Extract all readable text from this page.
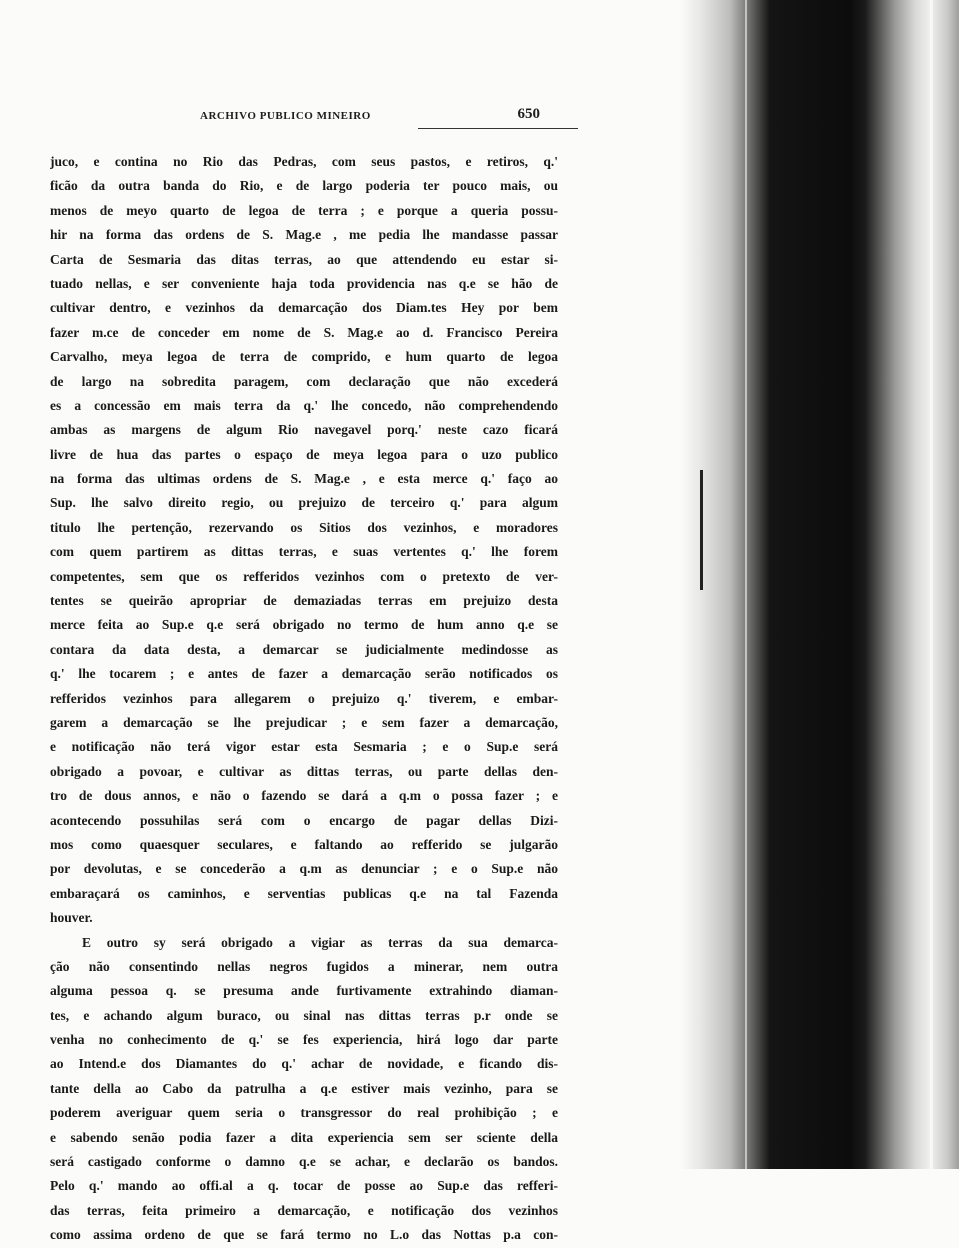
ARCHIVO PUBLICO MINEIRO	650
juco, e contina no Rio das Pedras, com seus pastos, e retiros, q.'
ficão da outra banda do Rio, e de largo poderia ter pouco mais, ou
menos de meyo quarto de legoa de terra ; e porque a queria possu-
hir na forma das ordens de S. Mag.e , me pedia lhe mandasse passar
Carta de Sesmaria das ditas terras, ao que attendendo eu estar si-
tuado nellas, e ser conveniente haja toda providencia nas q.e se hão de
cultivar dentro, e vezinhos da demarcação dos Diam.tes Hey por bem
fazer m.ce de conceder em nome de S. Mag.e ao d. Francisco Pereira
Carvalho, meya legoa de terra de comprido, e hum quarto de legoa
de largo na sobredita paragem, com declaração que não excederá
es a concessão em mais terra da q.' lhe concedo, não comprehendendo
ambas as margens de algum Rio navegavel porq.' neste cazo ficará
livre de hua das partes o espaço de meya legoa para o uzo publico
na forma das ultimas ordens de S. Mag.e , e esta merce q.' faço ao
Sup. lhe salvo direito regio, ou prejuizo de terceiro q.' para algum
titulo lhe pertenção, rezervando os Sitios dos vezinhos, e moradores
com quem partirem as dittas terras, e suas vertentes q.' lhe forem
competentes, sem que os refferidos vezinhos com o pretexto de ver-
tentes se queirão apropriar de demaziadas terras em prejuizo desta
merce feita ao Sup.e q.e será obrigado no termo de hum anno q.e se
contara da data desta, a demarcar se judicialmente medindosse as
q.' lhe tocarem ; e antes de fazer a demarcação serão notificados os
refferidos vezinhos para allegarem o prejuizo q.' tiverem, e embar-
garem a demarcação se lhe prejudicar ; e sem fazer a demarcação,
e notificação não terá vigor estar esta Sesmaria ; e o Sup.e será
obrigado a povoar, e cultivar as dittas terras, ou parte dellas den-
tro de dous annos, e não o fazendo se dará a q.m o possa fazer ; e
acontecendo possuhilas será com o encargo de pagar dellas Dizi-
mos como quaesquer seculares, e faltando ao refferido se julgarão
por devolutas, e se concederão a q.m as denunciar ; e o Sup.e não
embaraçará os caminhos, e serventias publicas q.e na tal Fazenda
houver.
E outro sy será obrigado a vigiar as terras da sua demarca-
ção não consentindo nellas negros fugidos a minerar, nem outra
alguma pessoa q. se presuma ande furtivamente extrahindo diaman-
tes, e achando algum buraco, ou sinal nas dittas terras p.r onde se
venha no conhecimento de q.' se fes experiencia, hirá logo dar parte
ao Intend.e dos Diamantes do q.' achar de novidade, e ficando dis-
tante della ao Cabo da patrulha a q.e estiver mais vezinho, para se
poderem averiguar quem seria o transgressor do real prohibição ; e
e sabendo senão podia fazer a dita experiencia sem ser sciente della
será castigado conforme o damno q.e se achar, e declarão os bandos.
Pelo q.' mando ao offi.al a q. tocar de posse ao Sup.e das refferi-
das terras, feita primeiro a demarcação, e notificação dos vezinhos
como assima ordeno de que se fará termo no L.o das Nottas p.a con-
